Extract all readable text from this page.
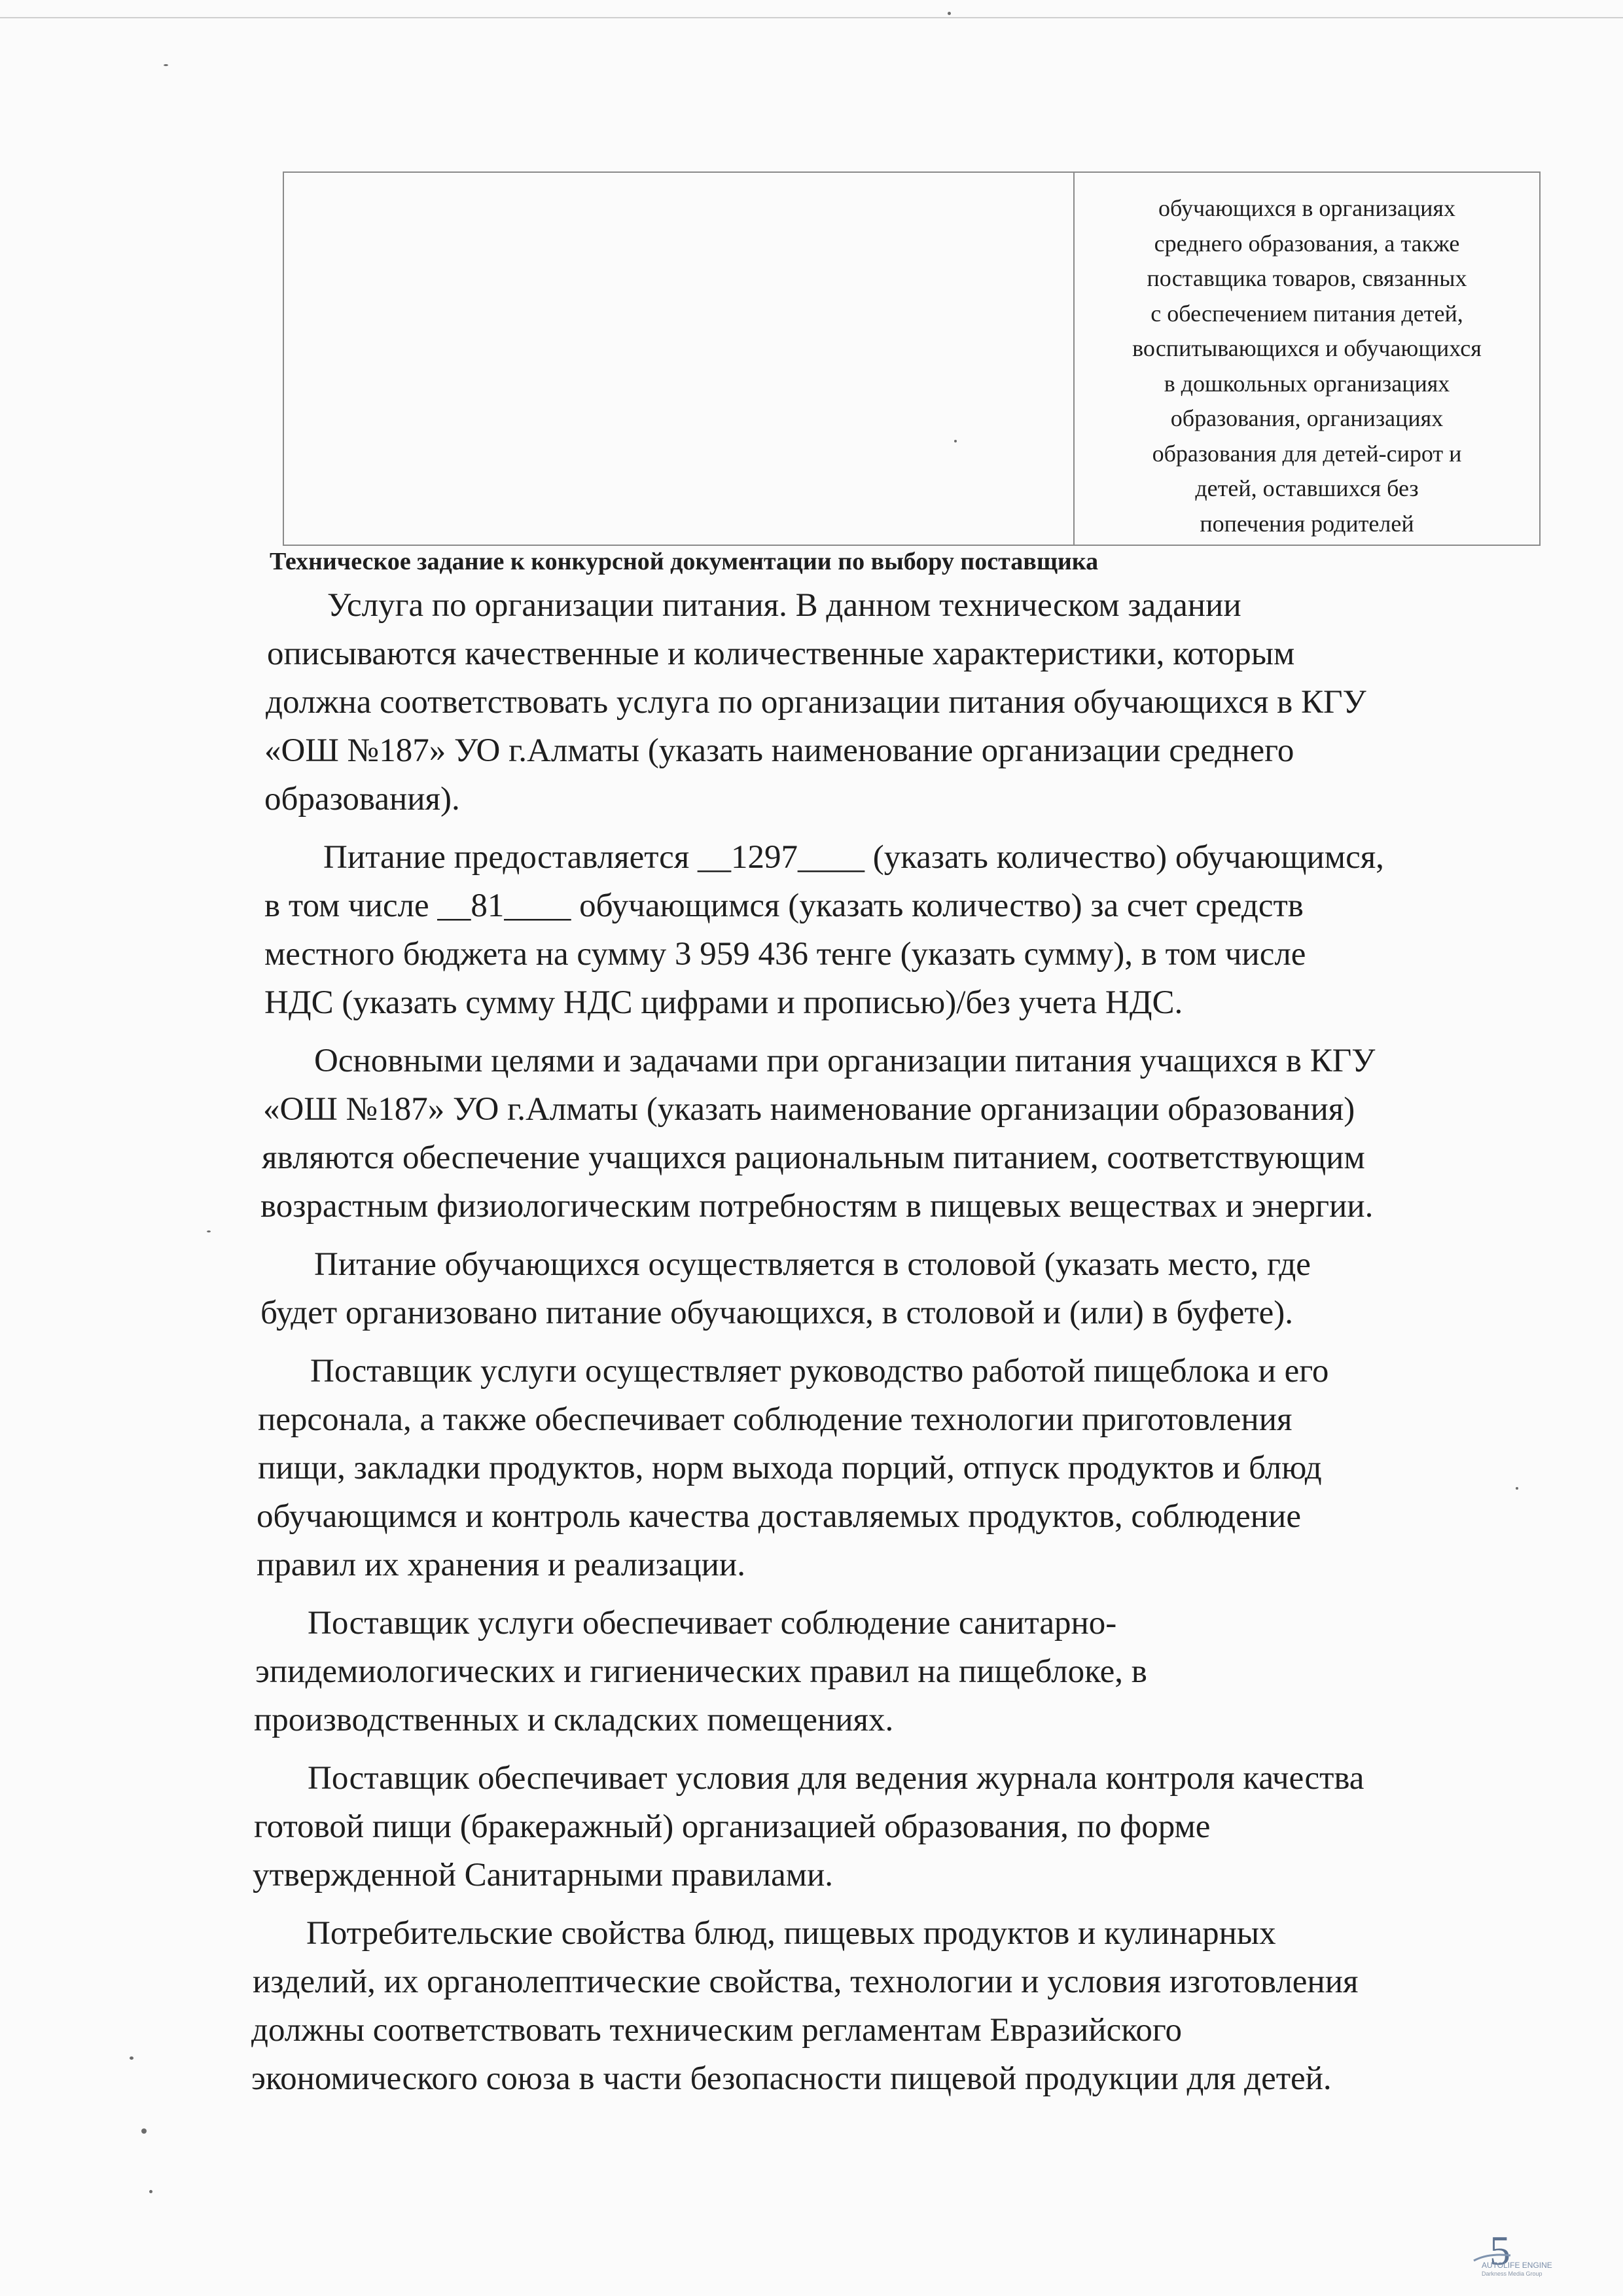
обучающихся в организациях
среднего образования, а также
поставщика товаров, связанных
с обеспечением питания детей,
воспитывающихся и обучающихся
в дошкольных организациях
образования, организациях
образования для детей-сирот и
детей, оставшихся без
попечения родителей
Техническое задание к конкурсной документации по выбору поставщика
Услуга по организации питания. В данном техническом задании
описываются качественные и количественные характеристики, которым
должна соответствовать услуга по организации питания обучающихся в КГУ
«ОШ №187» УО г.Алматы (указать наименование организации среднего
образования).
Питание предоставляется __1297____ (указать количество) обучающимся,
в том числе __81____ обучающимся (указать количество) за счет средств
местного бюджета на сумму 3 959 436 тенге (указать сумму), в том числе
НДС (указать сумму НДС цифрами и прописью)/без учета НДС.
Основными целями и задачами при организации питания учащихся в КГУ
«ОШ №187» УО г.Алматы (указать наименование организации образования)
являются обеспечение учащихся рациональным питанием, соответствующим
возрастным физиологическим потребностям в пищевых веществах и энергии.
Питание обучающихся осуществляется в столовой (указать место, где
будет организовано питание обучающихся, в столовой и (или) в буфете).
Поставщик услуги осуществляет руководство работой пищеблока и его
персонала, а также обеспечивает соблюдение технологии приготовления
пищи, закладки продуктов, норм выхода порций, отпуск продуктов и блюд
обучающимся и контроль качества доставляемых продуктов, соблюдение
правил их хранения и реализации.
Поставщик услуги обеспечивает соблюдение санитарно-
эпидемиологических и гигиенических правил на пищеблоке, в
производственных и складских помещениях.
Поставщик обеспечивает условия для ведения журнала контроля качества
готовой пищи (бракеражный) организацией образования, по форме
утвержденной Санитарными правилами.
Потребительские свойства блюд, пищевых продуктов и кулинарных
изделий, их органолептические свойства, технологии и условия изготовления
должны соответствовать техническим регламентам Евразийского
экономического союза в части безопасности пищевой продукции для детей.
5
AUTOLIFE ENGINE
Darkness Media Group
